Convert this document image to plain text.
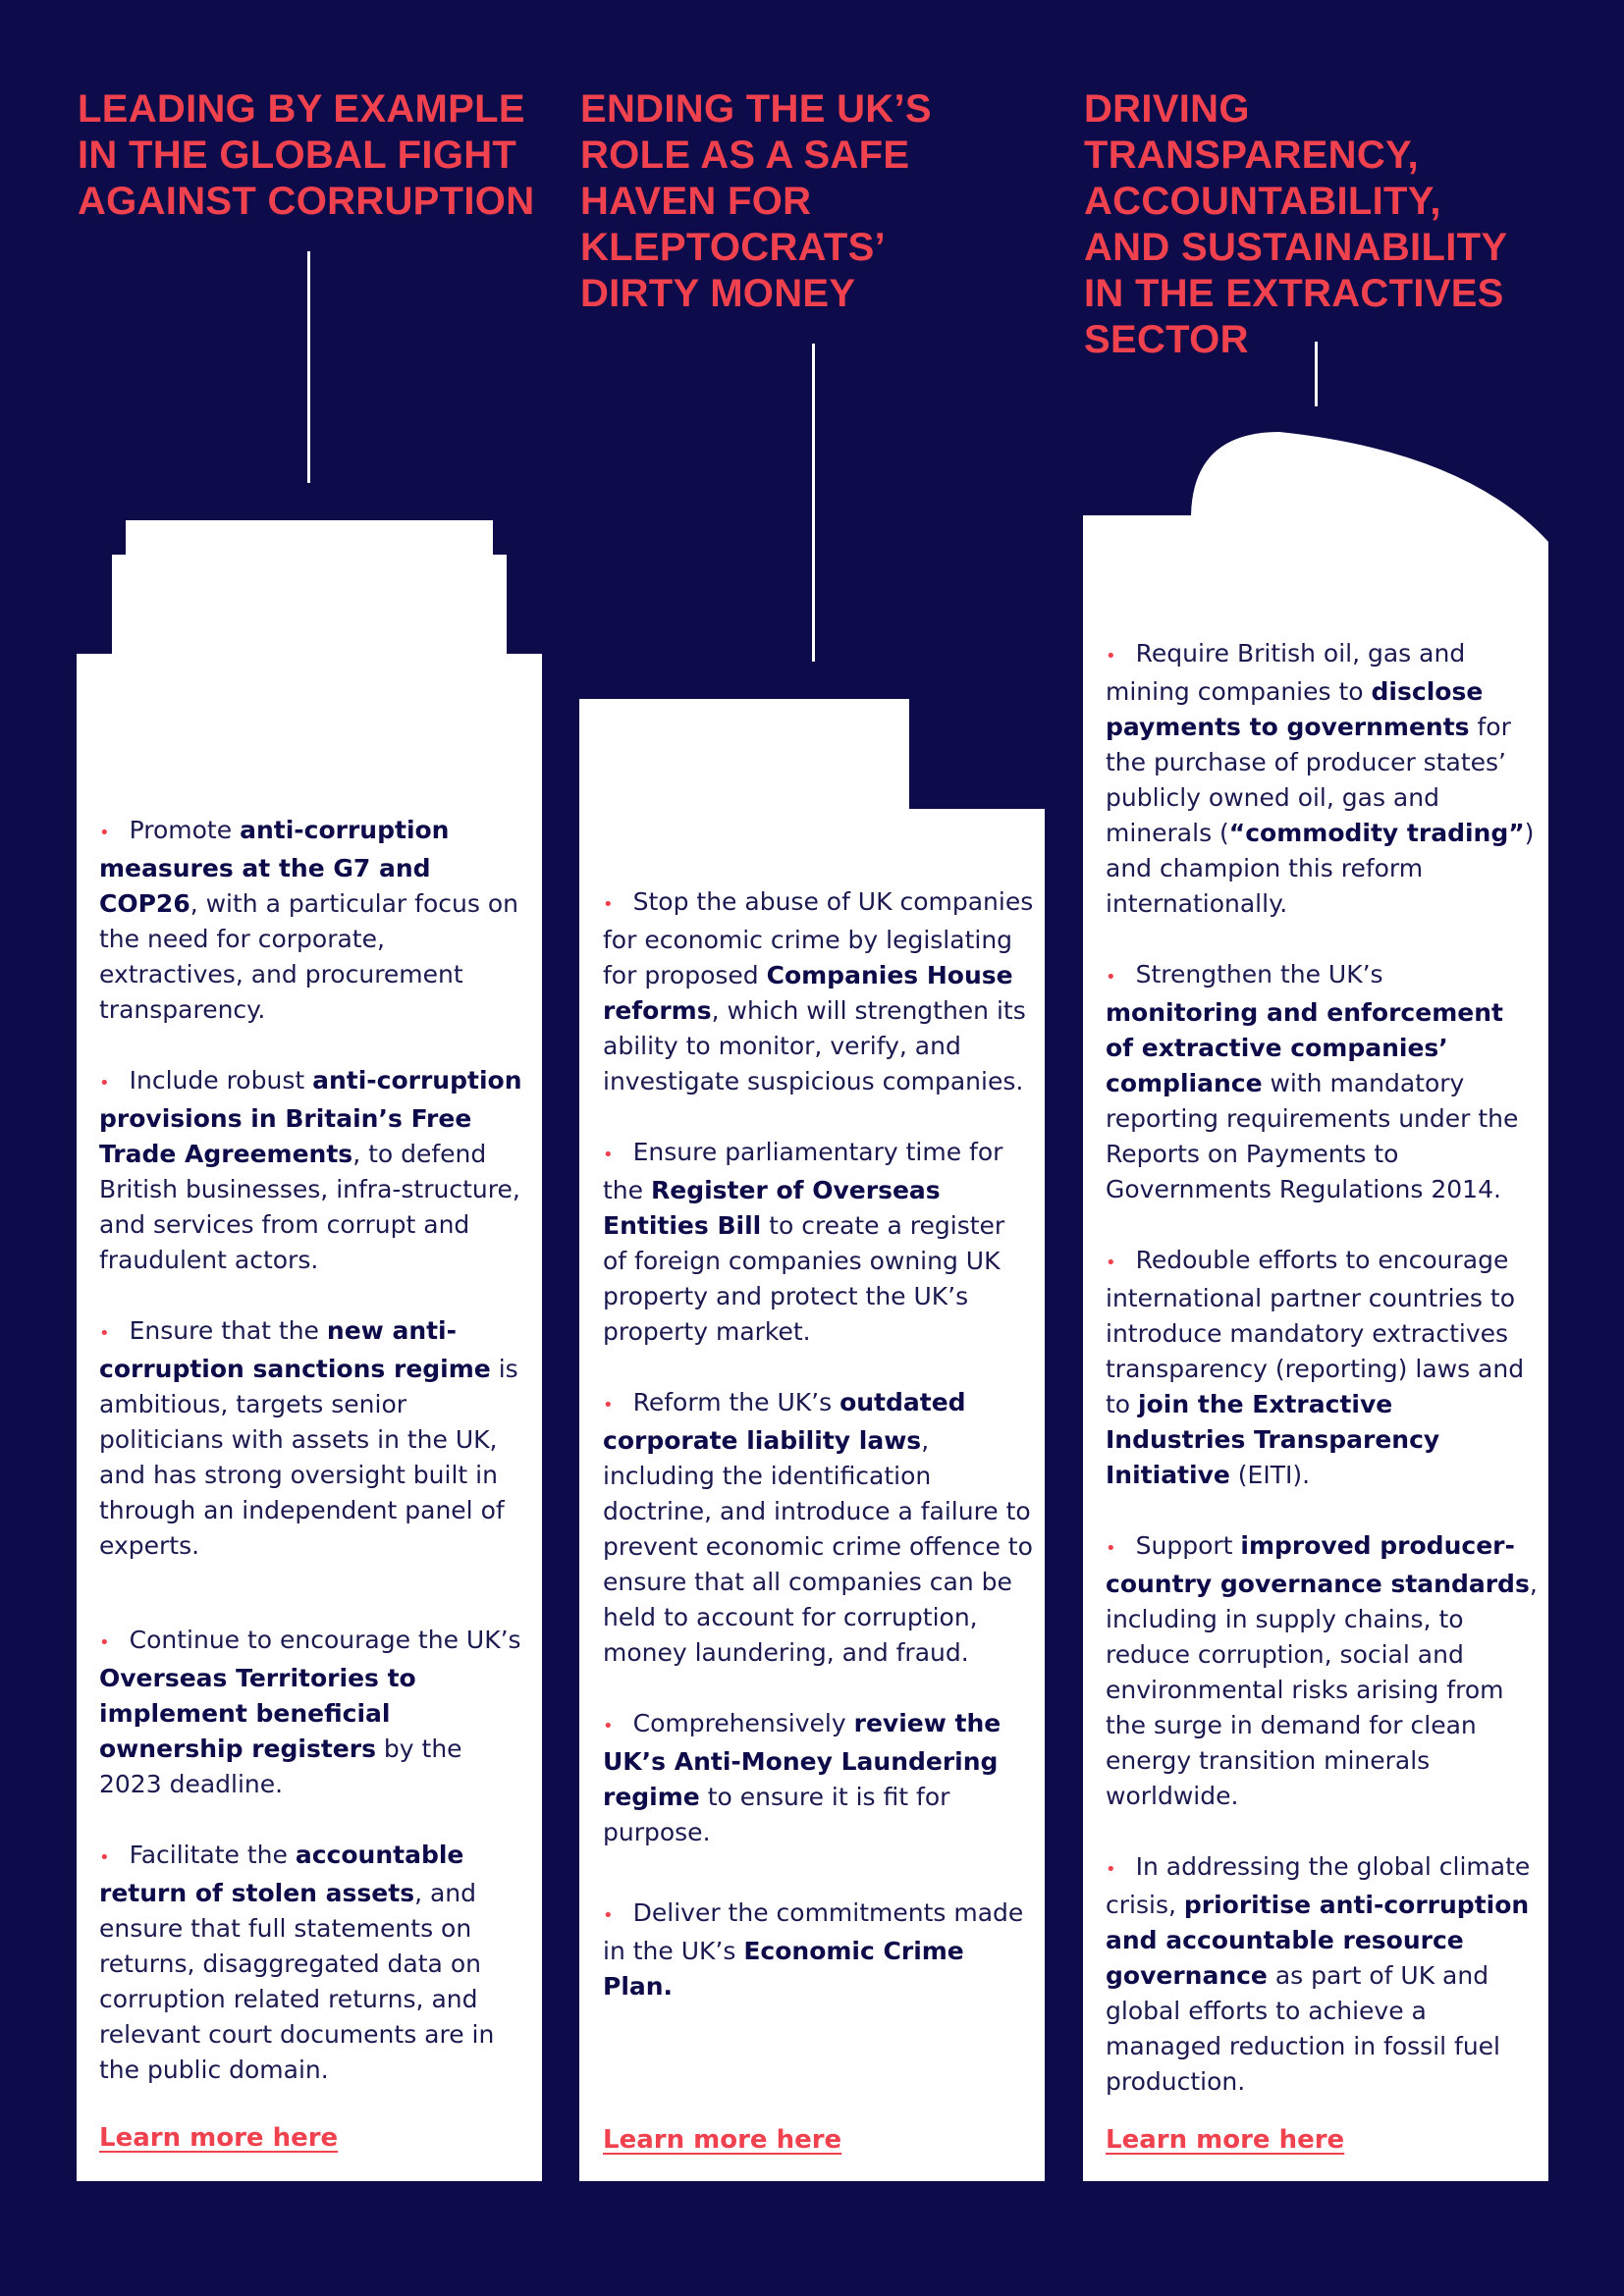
LEADING BY EXAMPLE
IN THE GLOBAL FIGHT
AGAINST CORRUPTION
• Promote anti-corruption measures at the G7 and COP26, with a particular focus on the need for corporate, extractives, and procurement transparency.
• Include robust anti-corruption provisions in Britain’s Free Trade Agreements, to defend British businesses, infra-structure, and services from corrupt and fraudulent actors.
• Ensure that the new anti-corruption sanctions regime is ambitious, targets senior politicians with assets in the UK, and has strong oversight built in through an independent panel of experts.
• Continue to encourage the UK’s Overseas Territories to implement beneficial ownership registers by the 2023 deadline.
• Facilitate the accountable return of stolen assets, and ensure that full statements on returns, disaggregated data on corruption related returns, and relevant court documents are in the public domain.
Learn more here
ENDING THE UK’S
ROLE AS A SAFE
HAVEN FOR
KLEPTOCRATS’
DIRTY MONEY
• Stop the abuse of UK companies for economic crime by legislating for proposed Companies House reforms, which will strengthen its ability to monitor, verify, and investigate suspicious companies.
• Ensure parliamentary time for the Register of Overseas Entities Bill to create a register of foreign companies owning UK property and protect the UK’s property market.
• Reform the UK’s outdated corporate liability laws, including the identification doctrine, and introduce a failure to prevent economic crime offence to ensure that all companies can be held to account for corruption, money laundering, and fraud.
• Comprehensively review the UK’s Anti-Money Laundering regime to ensure it is fit for purpose.
• Deliver the commitments made in the UK’s Economic Crime Plan.
Learn more here
DRIVING
TRANSPARENCY,
ACCOUNTABILITY,
AND SUSTAINABILITY
IN THE EXTRACTIVES
SECTOR
• Require British oil, gas and mining companies to disclose payments to governments for the purchase of producer states’ publicly owned oil, gas and minerals (“commodity trading”) and champion this reform internationally.
• Strengthen the UK’s monitoring and enforcement of extractive companies’ compliance with mandatory reporting requirements under the Reports on Payments to Governments Regulations 2014.
• Redouble efforts to encourage international partner countries to introduce mandatory extractives transparency (reporting) laws and to join the Extractive Industries Transparency Initiative (EITI).
• Support improved producer-country governance standards, including in supply chains, to reduce corruption, social and environmental risks arising from the surge in demand for clean energy transition minerals worldwide.
• In addressing the global climate crisis, prioritise anti-corruption and accountable resource governance as part of UK and global efforts to achieve a managed reduction in fossil fuel production.
Learn more here
